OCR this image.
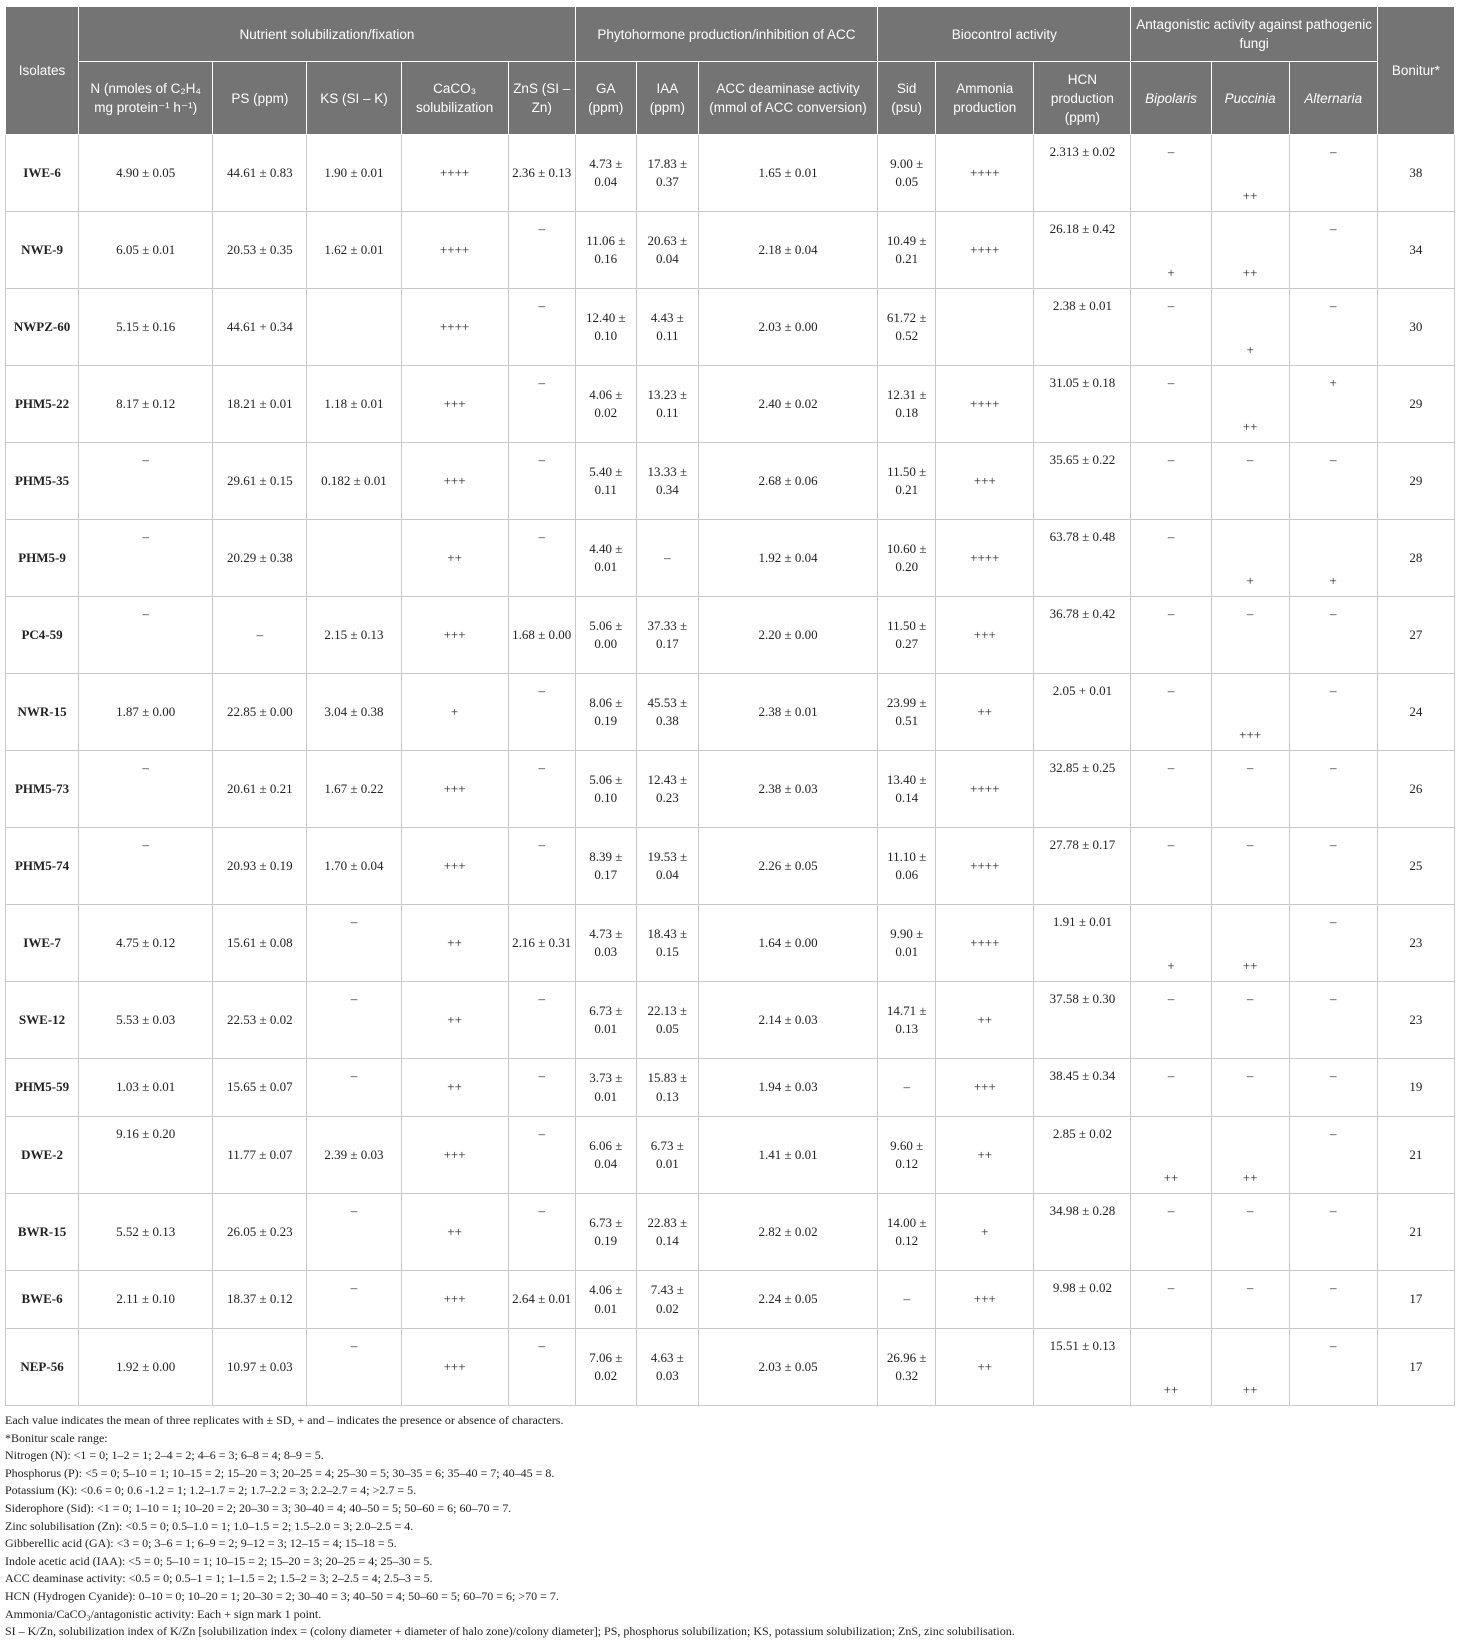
Isolates	Nutrient solubilization/fixation					Phytohormone production/inhibition of ACC			Biocontrol activity			Antagonistic activity against pathogenic fungi			Bonitur*
	N (nmoles of C₂H₄ mg protein⁻¹ h⁻¹)	PS (ppm)	KS (SI – K)	CaCO₃ solubilization	ZnS (SI – Zn)	GA (ppm)	IAA (ppm)	ACC deaminase activity (mmol of ACC conversion)	Sid (psu)	Ammonia production	HCN production (ppm)	Bipolaris	Puccinia	Alternaria	
IWE-6	4.90 ± 0.05	44.61 ± 0.83	1.90 ± 0.01	++++	2.36 ± 0.13	4.73 ± 0.04	17.83 ± 0.37	1.65 ± 0.01	9.00 ± 0.05	++++	2.313 ± 0.02	–	++	–	38
NWE-9	6.05 ± 0.01	20.53 ± 0.35	1.62 ± 0.01	++++	–	11.06 ± 0.16	20.63 ± 0.04	2.18 ± 0.04	10.49 ± 0.21	++++	26.18 ± 0.42	+	++	–	34
NWPZ-60	5.15 ± 0.16	44.61 + 0.34		++++	–	12.40 ± 0.10	4.43 ± 0.11	2.03 ± 0.00	61.72 ± 0.52		2.38 ± 0.01	–	+	–	30
PHM5-22	8.17 ± 0.12	18.21 ± 0.01	1.18 ± 0.01	+++	–	4.06 ± 0.02	13.23 ± 0.11	2.40 ± 0.02	12.31 ± 0.18	++++	31.05 ± 0.18	–	++	+	29
PHM5-35	–	29.61 ± 0.15	0.182 ± 0.01	+++	–	5.40 ± 0.11	13.33 ± 0.34	2.68 ± 0.06	11.50 ± 0.21	+++	35.65 ± 0.22	–	–	–	29
PHM5-9	–	20.29 ± 0.38		++	–	4.40 ± 0.01	–	1.92 ± 0.04	10.60 ± 0.20	++++	63.78 ± 0.48	–	+	+	28
PC4-59	–	–	2.15 ± 0.13	+++	1.68 ± 0.00	5.06 ± 0.00	37.33 ± 0.17	2.20 ± 0.00	11.50 ± 0.27	+++	36.78 ± 0.42	–	–	–	27
NWR-15	1.87 ± 0.00	22.85 ± 0.00	3.04 ± 0.38	+	–	8.06 ± 0.19	45.53 ± 0.38	2.38 ± 0.01	23.99 ± 0.51	++	2.05 + 0.01	–	+++	–	24
PHM5-73	–	20.61 ± 0.21	1.67 ± 0.22	+++	–	5.06 ± 0.10	12.43 ± 0.23	2.38 ± 0.03	13.40 ± 0.14	++++	32.85 ± 0.25	–	–	–	26
PHM5-74	–	20.93 ± 0.19	1.70 ± 0.04	+++	–	8.39 ± 0.17	19.53 ± 0.04	2.26 ± 0.05	11.10 ± 0.06	++++	27.78 ± 0.17	–	–	–	25
IWE-7	4.75 ± 0.12	15.61 ± 0.08	–	++	2.16 ± 0.31	4.73 ± 0.03	18.43 ± 0.15	1.64 ± 0.00	9.90 ± 0.01	++++	1.91 ± 0.01	+	++	–	23
SWE-12	5.53 ± 0.03	22.53 ± 0.02	–	++	–	6.73 ± 0.01	22.13 ± 0.05	2.14 ± 0.03	14.71 ± 0.13	++	37.58 ± 0.30	–	–	–	23
PHM5-59	1.03 ± 0.01	15.65 ± 0.07	–	++	–	3.73 ± 0.01	15.83 ± 0.13	1.94 ± 0.03	–	+++	38.45 ± 0.34	–	–	–	19
DWE-2	9.16 ± 0.20	11.77 ± 0.07	2.39 ± 0.03	+++	–	6.06 ± 0.04	6.73 ± 0.01	1.41 ± 0.01	9.60 ± 0.12	++	2.85 ± 0.02	++	++	–	21
BWR-15	5.52 ± 0.13	26.05 ± 0.23	–	++	–	6.73 ± 0.19	22.83 ± 0.14	2.82 ± 0.02	14.00 ± 0.12	+	34.98 ± 0.28	–	–	–	21
BWE-6	2.11 ± 0.10	18.37 ± 0.12	–	+++	2.64 ± 0.01	4.06 ± 0.01	7.43 ± 0.02	2.24 ± 0.05	–	+++	9.98 ± 0.02	–	–	–	17
NEP-56	1.92 ± 0.00	10.97 ± 0.03	–	+++	–	7.06 ± 0.02	4.63 ± 0.03	2.03 ± 0.05	26.96 ± 0.32	++	15.51 ± 0.13	++	++	–	17
Each value indicates the mean of three replicates with ± SD, + and – indicates the presence or absence of characters.
*Bonitur scale range:
Nitrogen (N): <1 = 0; 1–2 = 1; 2–4 = 2; 4–6 = 3; 6–8 = 4; 8–9 = 5.
Phosphorus (P): <5 = 0; 5–10 = 1; 10–15 = 2; 15–20 = 3; 20–25 = 4; 25–30 = 5; 30–35 = 6; 35–40 = 7; 40–45 = 8.
Potassium (K): <0.6 = 0; 0.6 -1.2 = 1; 1.2–1.7 = 2; 1.7–2.2 = 3; 2.2–2.7 = 4; >2.7 = 5.
Siderophore (Sid): <1 = 0; 1–10 = 1; 10–20 = 2; 20–30 = 3; 30–40 = 4; 40–50 = 5; 50–60 = 6; 60–70 = 7.
Zinc solubilisation (Zn): <0.5 = 0; 0.5–1.0 = 1; 1.0–1.5 = 2; 1.5–2.0 = 3; 2.0–2.5 = 4.
Gibberellic acid (GA): <3 = 0; 3–6 = 1; 6–9 = 2; 9–12 = 3; 12–15 = 4; 15–18 = 5.
Indole acetic acid (IAA): <5 = 0; 5–10 = 1; 10–15 = 2; 15–20 = 3; 20–25 = 4; 25–30 = 5.
ACC deaminase activity: <0.5 = 0; 0.5–1 = 1; 1–1.5 = 2; 1.5–2 = 3; 2–2.5 = 4; 2.5–3 = 5.
HCN (Hydrogen Cyanide): 0–10 = 0; 10–20 = 1; 20–30 = 2; 30–40 = 3; 40–50 = 4; 50–60 = 5; 60–70 = 6; >70 = 7.
Ammonia/CaCO₃/antagonistic activity: Each + sign mark 1 point.
SI – K/Zn, solubilization index of K/Zn [solubilization index = (colony diameter + diameter of halo zone)/colony diameter]; PS, phosphorus solubilization; KS, potassium solubilization; ZnS, zinc solubilisation.
